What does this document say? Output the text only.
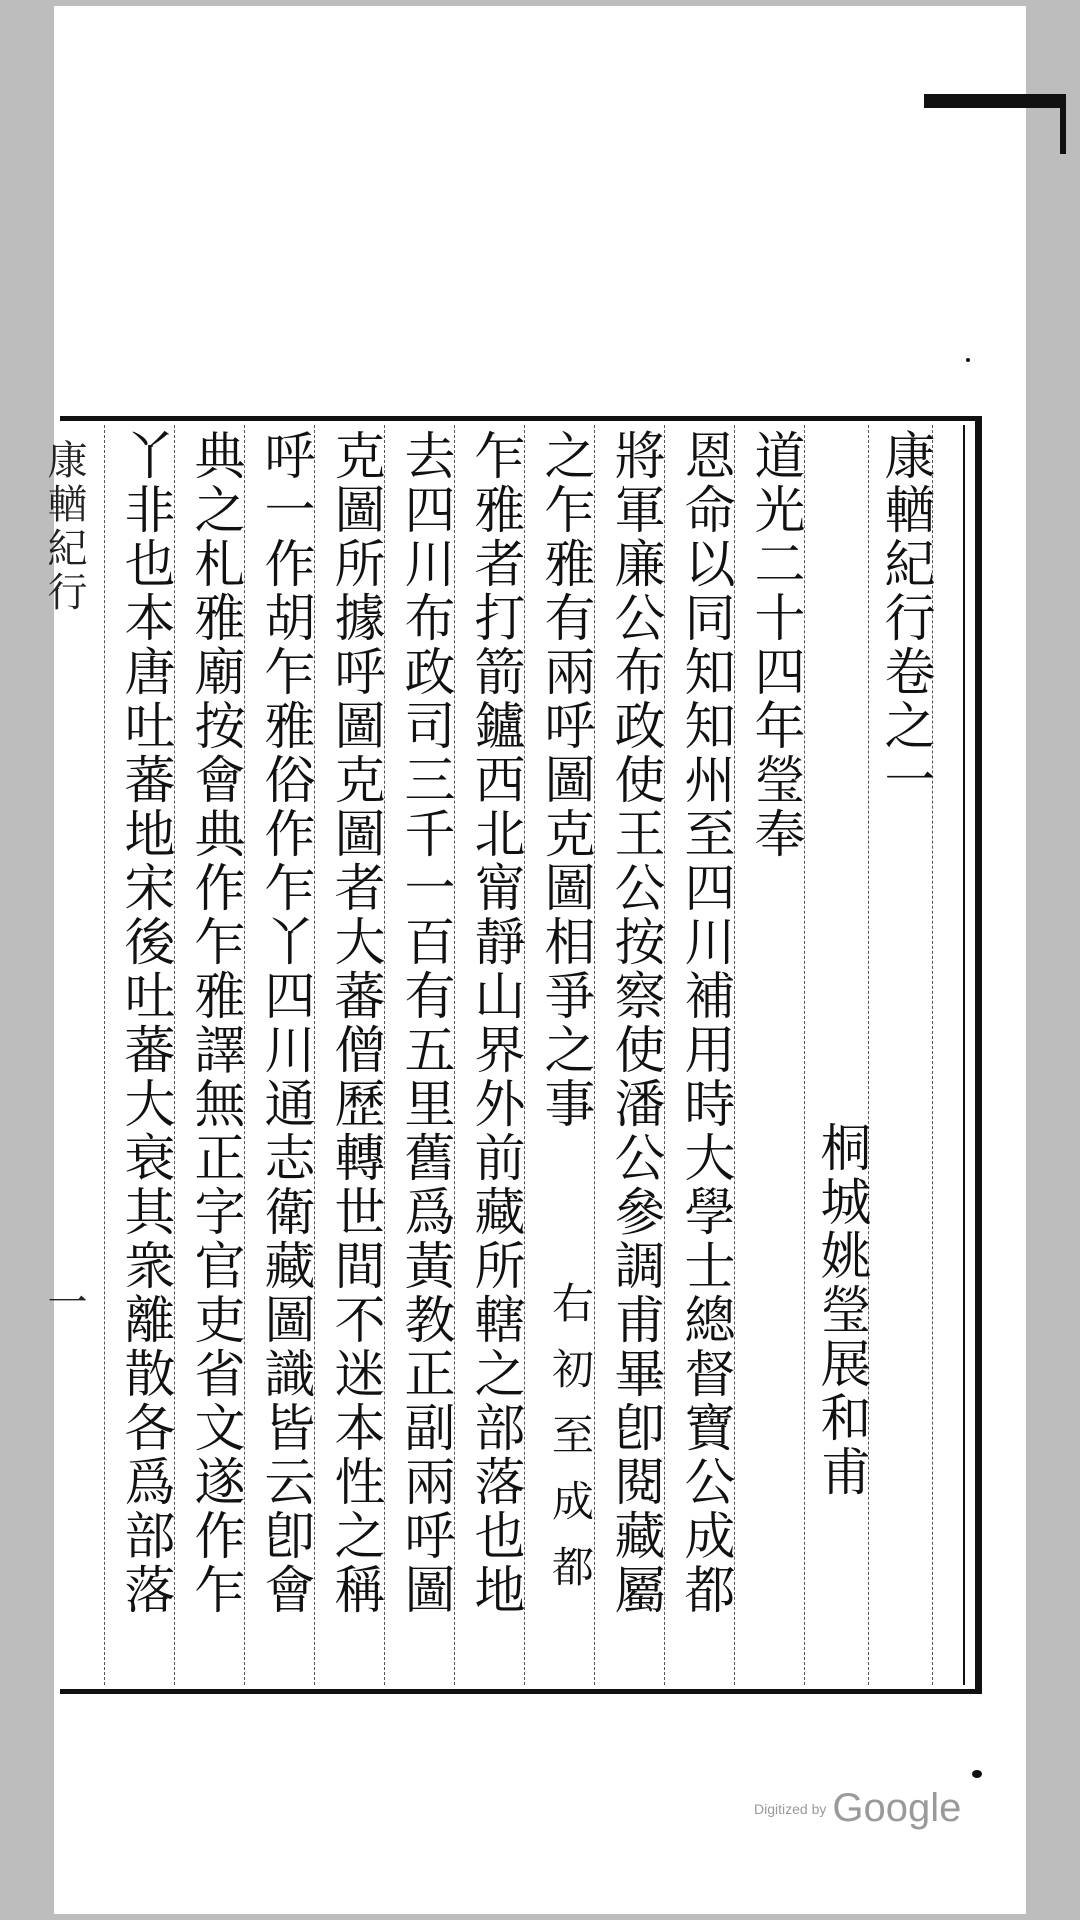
康輶紀行卷之一
桐城姚瑩展和甫
道光二十四年瑩奉
恩命以同知知州至四川補用時大學士總督寶公成都
將軍廉公布政使王公按察使潘公參調甫畢卽閱藏屬
之乍雅有兩呼圖克圖相爭之事
右初至成都
乍雅者打箭鑪西北甯靜山界外前藏所轄之部落也地
去四川布政司三千一百有五里舊爲黃教正副兩呼圖
克圖所據呼圖克圖者大蕃僧歷轉世間不迷本性之稱
呼一作胡乍雅俗作乍丫四川通志衛藏圖識皆云卽會
典之札雅廟按會典作乍雅譯無正字官吏省文遂作乍
丫非也本唐吐蕃地宋後吐蕃大衰其衆離散各爲部落
康輶紀行
一
Digitized by Google
